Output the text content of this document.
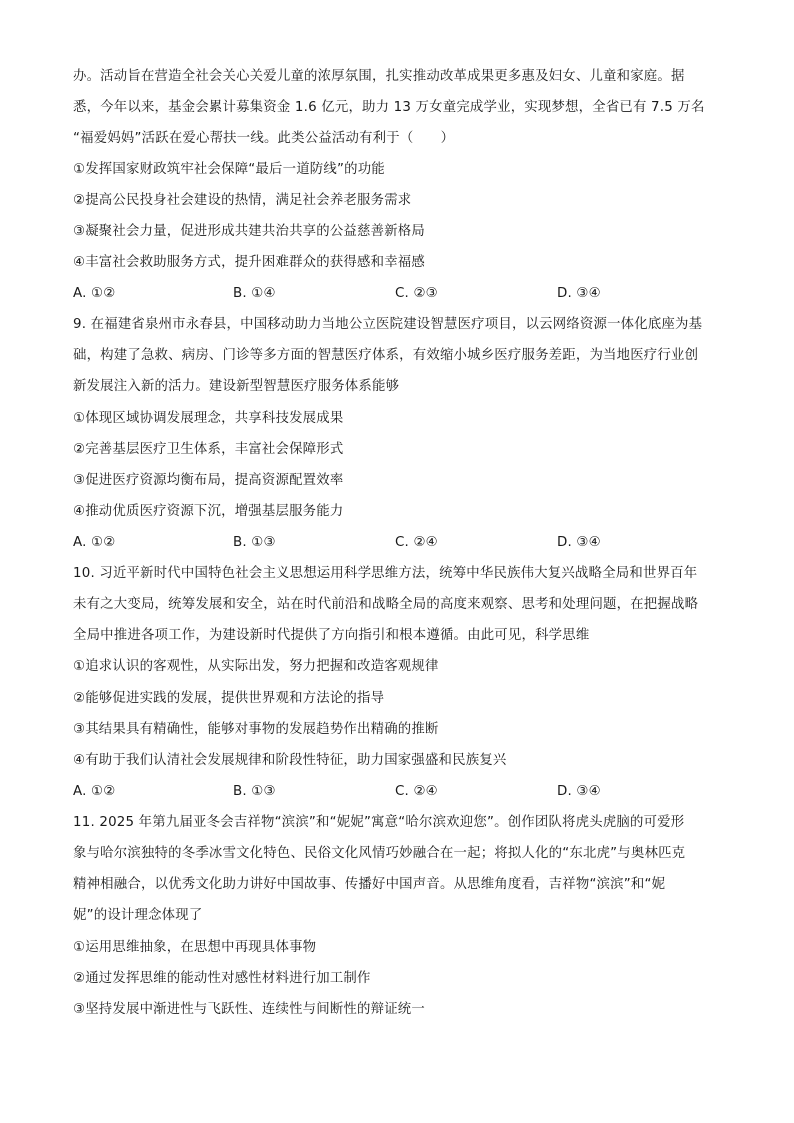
办。活动旨在营造全社会关心关爱儿童的浓厚氛围，扎实推动改革成果更多惠及妇女、儿童和家庭。据
悉，今年以来，基金会累计募集资金 1.6 亿元，助力 13 万女童完成学业，实现梦想，全省已有 7.5 万名
“福爱妈妈”活跃在爱心帮扶一线。此类公益活动有利于（　　）
①发挥国家财政筑牢社会保障“最后一道防线”的功能
②提高公民投身社会建设的热情，满足社会养老服务需求
③凝聚社会力量，促进形成共建共治共享的公益慈善新格局
④丰富社会救助服务方式，提升困难群众的获得感和幸福感
A. ①②	B. ①④	C. ②③	D. ③④
9. 在福建省泉州市永春县，中国移动助力当地公立医院建设智慧医疗项目，以云网络资源一体化底座为基
础，构建了急救、病房、门诊等多方面的智慧医疗体系，有效缩小城乡医疗服务差距，为当地医疗行业创
新发展注入新的活力。建设新型智慧医疗服务体系能够
①体现区域协调发展理念，共享科技发展成果
②完善基层医疗卫生体系，丰富社会保障形式
③促进医疗资源均衡布局，提高资源配置效率
④推动优质医疗资源下沉，增强基层服务能力
A. ①②	B. ①③	C. ②④	D. ③④
10. 习近平新时代中国特色社会主义思想运用科学思维方法，统筹中华民族伟大复兴战略全局和世界百年
未有之大变局，统筹发展和安全，站在时代前沿和战略全局的高度来观察、思考和处理问题，在把握战略
全局中推进各项工作，为建设新时代提供了方向指引和根本遵循。由此可见，科学思维
①追求认识的客观性，从实际出发，努力把握和改造客观规律
②能够促进实践的发展，提供世界观和方法论的指导
③其结果具有精确性，能够对事物的发展趋势作出精确的推断
④有助于我们认清社会发展规律和阶段性特征，助力国家强盛和民族复兴
A. ①②	B. ①③	C. ②④	D. ③④
11. 2025 年第九届亚冬会吉祥物“滨滨”和“妮妮”寓意“哈尔滨欢迎您”。创作团队将虎头虎脑的可爱形
象与哈尔滨独特的冬季冰雪文化特色、民俗文化风情巧妙融合在一起；将拟人化的“东北虎”与奥林匹克
精神相融合，以优秀文化助力讲好中国故事、传播好中国声音。从思维角度看，吉祥物“滨滨”和“妮
妮”的设计理念体现了
①运用思维抽象，在思想中再现具体事物
②通过发挥思维的能动性对感性材料进行加工制作
③坚持发展中渐进性与飞跃性、连续性与间断性的辩证统一
